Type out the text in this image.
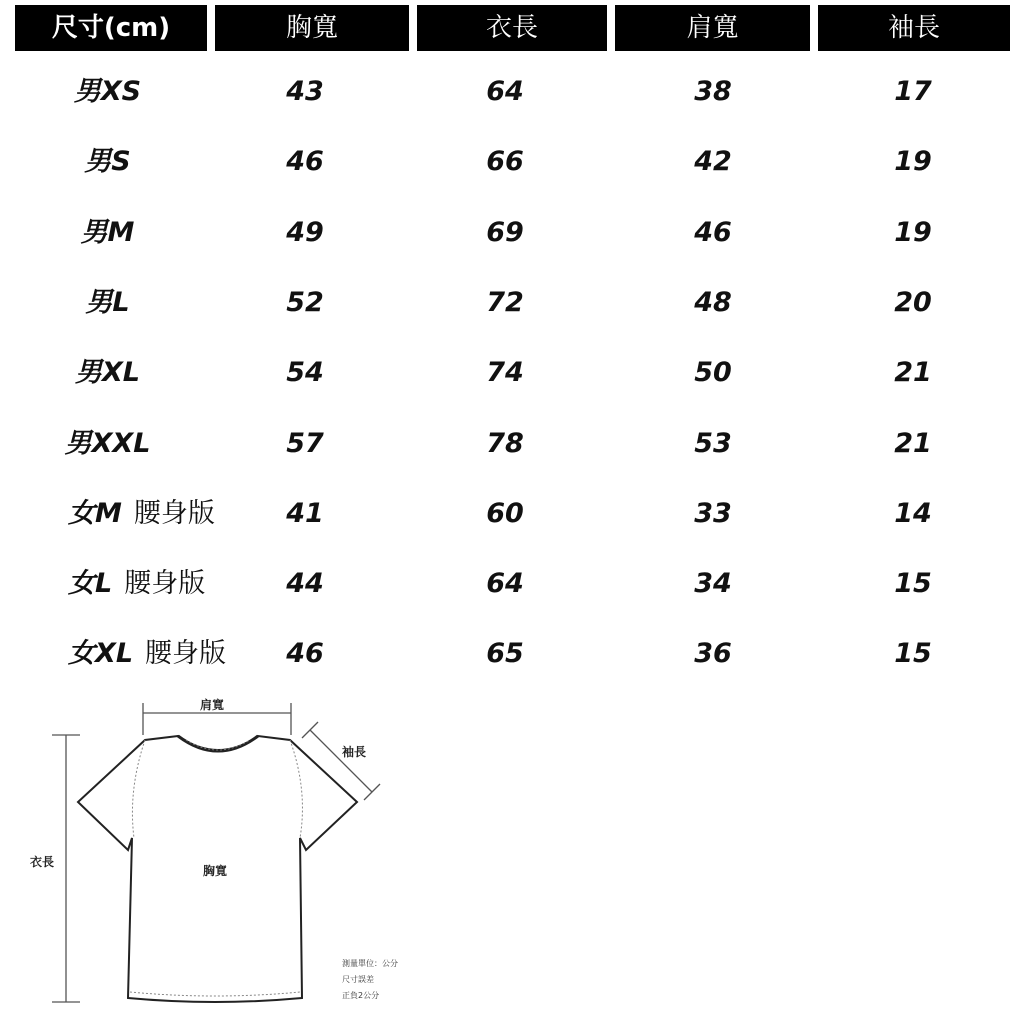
尺寸(cm)	胸寬	衣長	肩寬	袖長
男XS	43	64	38	17
男S	46	66	42	19
男M	49	69	46	19
男L	52	72	48	20
男XL	54	74	50	21
男XXL	57	78	53	21
女M 腰身版	41	60	33	14
女L 腰身版	44	64	34	15
女XL 腰身版	46	65	36	15
肩寬
袖長
衣長
胸寬
測量單位：公分
尺寸誤差
正負2公分
